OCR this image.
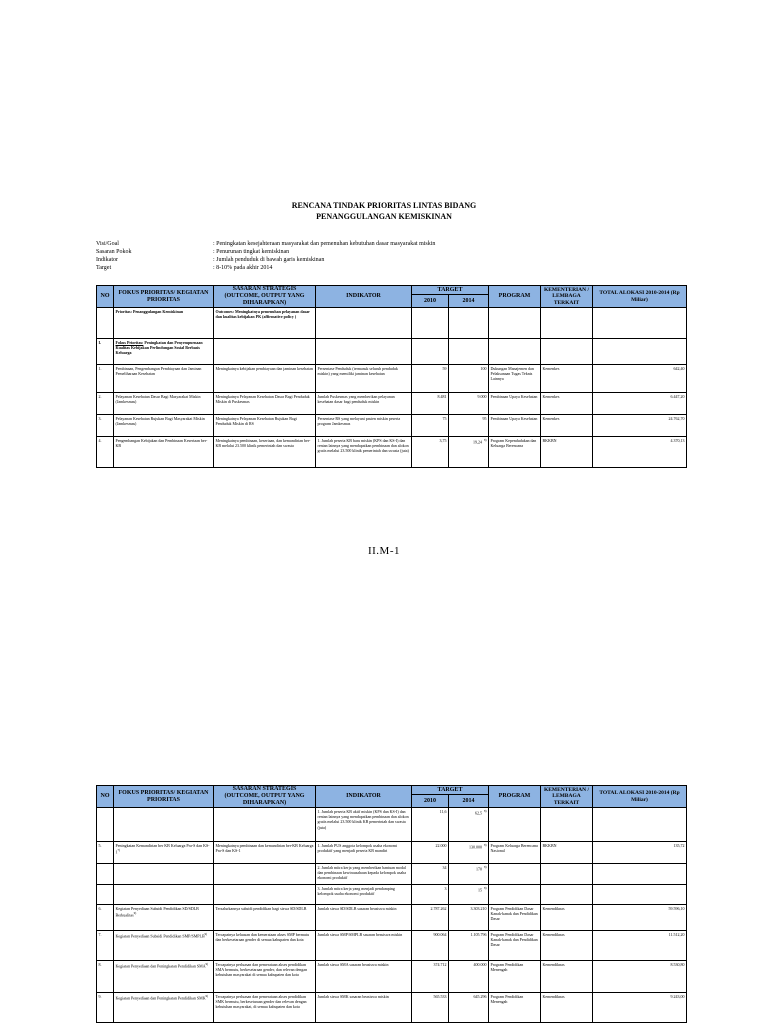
RENCANA TINDAK PRIORITAS LINTAS BIDANG
PENANGGULANGAN KEMISKINAN
Visi/Goal	: Peningkatan kesejahteraan masyarakat dan pemenuhan kebutuhan dasar masyarakat miskin
Sasaran Pokok	: Penurunan tingkat kemiskinan
Indikator	: Jumlah penduduk di bawah garis kemiskinan
Target	: 8-10% pada akhir 2014
NO	FOKUS PRIORITAS/ KEGIATAN PRIORITAS	SASARAN STRATEGIS (OUTCOME, OUTPUT YANG DIHARAPKAN)	INDIKATOR	TARGET		PROGRAM	KEMENTERIAN / LEMBAGA TERKAIT	TOTAL ALOKASI 2010-2014 (Rp Miliar)
				2010	2014			
	Prioritas: Penanggulangan Kemiskinan	Outcomes: Meningkatnya pemenuhan pelayanan dasar dan kualitas kebijakan PK (affirmative policy )						
I.	Fokus Prioritas: Peningkatan dan Penyempurnaan Kualitas Kebijakan Perlindungan Sosial Berbasis Keluarga							
1.	Pembinaan, Pengembangan Pembiayaan dan Jaminan Pemeliharaan Kesehatan	Meningkatnya kebijakan pembiayaan dan jaminan kesehatan	Persentase Penduduk (termasuk seluruh penduduk miskin) yang memiliki jaminan kesehatan	59	100	Dukungan Manajemen dan Pelaksanaan Tugas Teknis Lainnya	Kemenkes	642,40
2.	Pelayanan Kesehatan Dasar Bagi Masyarakat Miskin (Jamkesmas)	Meningkatnya Pelayanan Kesehatan Dasar Bagi Penduduk Miskin di Puskesmas	Jumlah Puskesmas yang memberikan pelayanan kesehatan dasar bagi penduduk miskin	8.481	9.000	Pembinaan Upaya Kesehatan	Kemenkes	6.447,20
3.	Pelayanan Kesehatan Rujukan Bagi Masyarakat Miskin (Jamkesmas)	Meningkatnya Pelayanan Kesehatan Rujukan Bagi Penduduk Miskin di RS	Persentase RS yang melayani pasien miskin peserta program Jamkesmas	75	95	Pembinaan Upaya Kesehatan	Kemenkes	24.762,70
4.	Pengembangan Kebijakan dan Pembinaan Kesertaan ber-KB	Meningkatnya pembinaan, kesertaan, dan kemandirian ber-KB melalui 23.500 klinik pemerintah dan swasta	1. Jumlah peserta KB baru miskin (KPS dan KS-I) dan rentan lainnya yang mendapatkan pembinaan dan alokon gratis melalui 23.500 klinik pemerintah dan swasta (juta)	3,75	19,24 $^{8)}$	Program Kependudukan dan Keluarga Berencana	BKKBN	4.370,13
II.M-1
NO	FOKUS PRIORITAS/ KEGIATAN PRIORITAS	SASARAN STRATEGIS (OUTCOME, OUTPUT YANG DIHARAPKAN)	INDIKATOR	TARGET		PROGRAM	KEMENTERIAN / LEMBAGA TERKAIT	TOTAL ALOKASI 2010-2014 (Rp Miliar)
				2010	2014			
			1. Jumlah peserta KB aktif miskin (KPS dan KS-I) dan rentan lainnya yang mendapatkan pembinaan dan alokon gratis melalui 23.500 klinik KB pemerintah dan swasta (juta)	11,6	62,5 $^{8)}$			
5.	Peningkatan Kemandirian ber KB Keluarga Pra-S dan KS-1$^{7)}$	Meningkatnya pembinaan dan kemandirian ber-KB Keluarga Pra-S dan KS-1	1. Jumlah PUS anggota kelompok usaha ekonomi produktif yang menjadi peserta KB mandiri	22.000	130.000 $^{8)}$	Program Keluarga Berencana Nasional	BKKBN	135,72
			2. Jumlah mitra kerja yang memberikan bantuan modal dan pembinaan kewirausahaan kepada kelompok usaha ekonomi produktif	34	170 $^{8)}$			
			3. Jumlah mitra kerja yang menjadi pendamping kelompok usaha ekonomi produktif	3	15 $^{8)}$			
6.	Kegiatan Penyediaan Subsidi Pendidikan SD/SDLB Berkualitas$^{9)}$	Tersalurkannya subsidi pendidikan bagi siswa SD/SDLB	Jumlah siswa SD/SDLB sasaran beasiswa miskin	2.787.262	3.303.210	Program Pendidikan Dasar Kanak-kanak dan Pendidikan Dasar	Kemendiknas	59.596,10
7.	Kegiatan Penyediaan Subsidi Pendidikan SMP/SMPLB$^{9)}$	Tercapainya keluasan dan kemerataan akses SMP bermutu dan berkesetaraan gender di semua kabupaten dan kota	Jumlah siswa SMP/SMPLB sasaran beasiswa miskin	900.064	1.105.796	Program Pendidikan Dasar Kanak-kanak dan Pendidikan Dasar	Kemendiknas	11.512,20
8.	Kegiatan Penyediaan dan Peningkatan Pendidikan SMA$^{9)}$	Tercapainya perluasan dan pemerataan akses pendidikan SMA bermutu, berkesetaraan gender, dan relevan dengan kebutuhan masyarakat di semua kabupaten dan kota	Jumlah siswa SMA sasaran beasiswa miskin	374.712	400.000	Program Pendidikan Menengah	Kemendiknas	8.530,80
9.	Kegiatan Penyediaan dan Peningkatan Pendidikan SMK$^{9)}$	Tercapainya perluasan dan pemerataan akses pendidikan SMK bermutu, berkesetaraan gender dan relevan dengan kebutuhan masyarakat, di semua kabupaten dan kota	Jumlah siswa SMK sasaran beasiswa miskin	565.533	645.296	Program Pendidikan Menengah	Kemendiknas	9.243,00
